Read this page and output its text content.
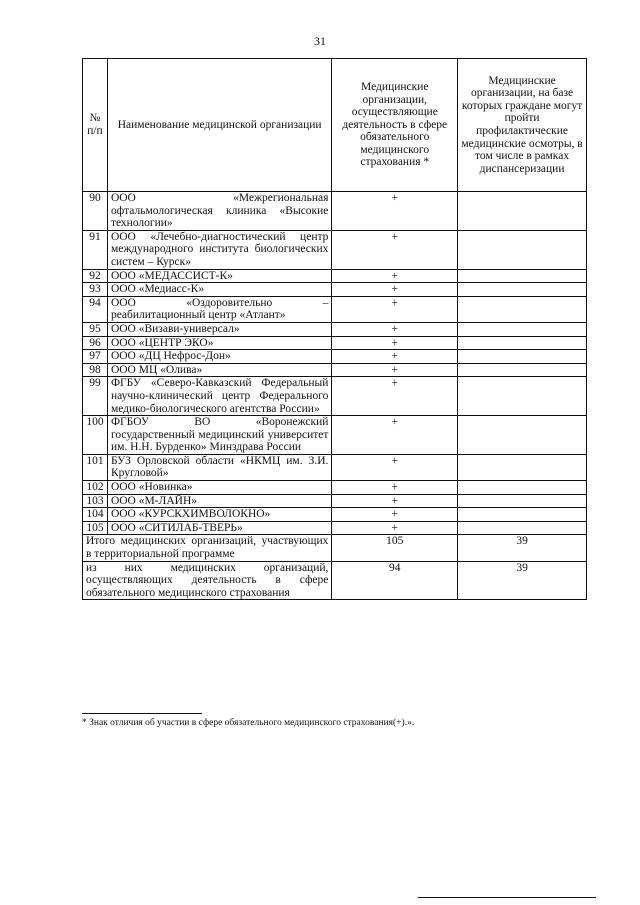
31
№ п/п	Наименование медицинской организации	Медицинские организации, осуществляющие деятельность в сфере обязательного медицинского страхования *	Медицинские организации, на базе которых граждане могут пройти профилактические медицинские осмотры, в том числе в рамках диспансеризации
90	ООО «Межрегиональная офтальмологическая клиника «Высокие технологии»	+	
91	ООО «Лечебно-диагностический центр международного института биологических систем – Курск»	+	
92	ООО «МЕДАССИСТ-К»	+	
93	ООО «Медиасс-К»	+	
94	ООО «Оздоровительно – реабилитационный центр «Атлант»	+	
95	ООО «Визави-универсал»	+	
96	ООО «ЦЕНТР ЭКО»	+	
97	ООО «ДЦ Нефрос-Дон»	+	
98	ООО МЦ «Олива»	+	
99	ФГБУ «Северо-Кавказский Федеральный научно-клинический центр Федерального медико-биологического агентства России»	+	
100	ФГБОУ ВО «Воронежский государственный медицинский университет им. Н.Н. Бурденко» Минздрава России	+	
101	БУЗ Орловской области «НКМЦ им. З.И. Кругловой»	+	
102	ООО «Новинка»	+	
103	ООО «М-ЛАЙН»	+	
104	ООО «КУРСКХИМВОЛОКНО»	+	
105	ООО «СИТИЛАБ-ТВЕРЬ»	+	
Итого медицинских организаций, участвующих в территориальной программе		105	39
из них медицинских организаций, осуществляющих деятельность в сфере обязательного медицинского страхования		94	39
* Знак отличия об участии в сфере обязательного медицинского страхования(+).».
